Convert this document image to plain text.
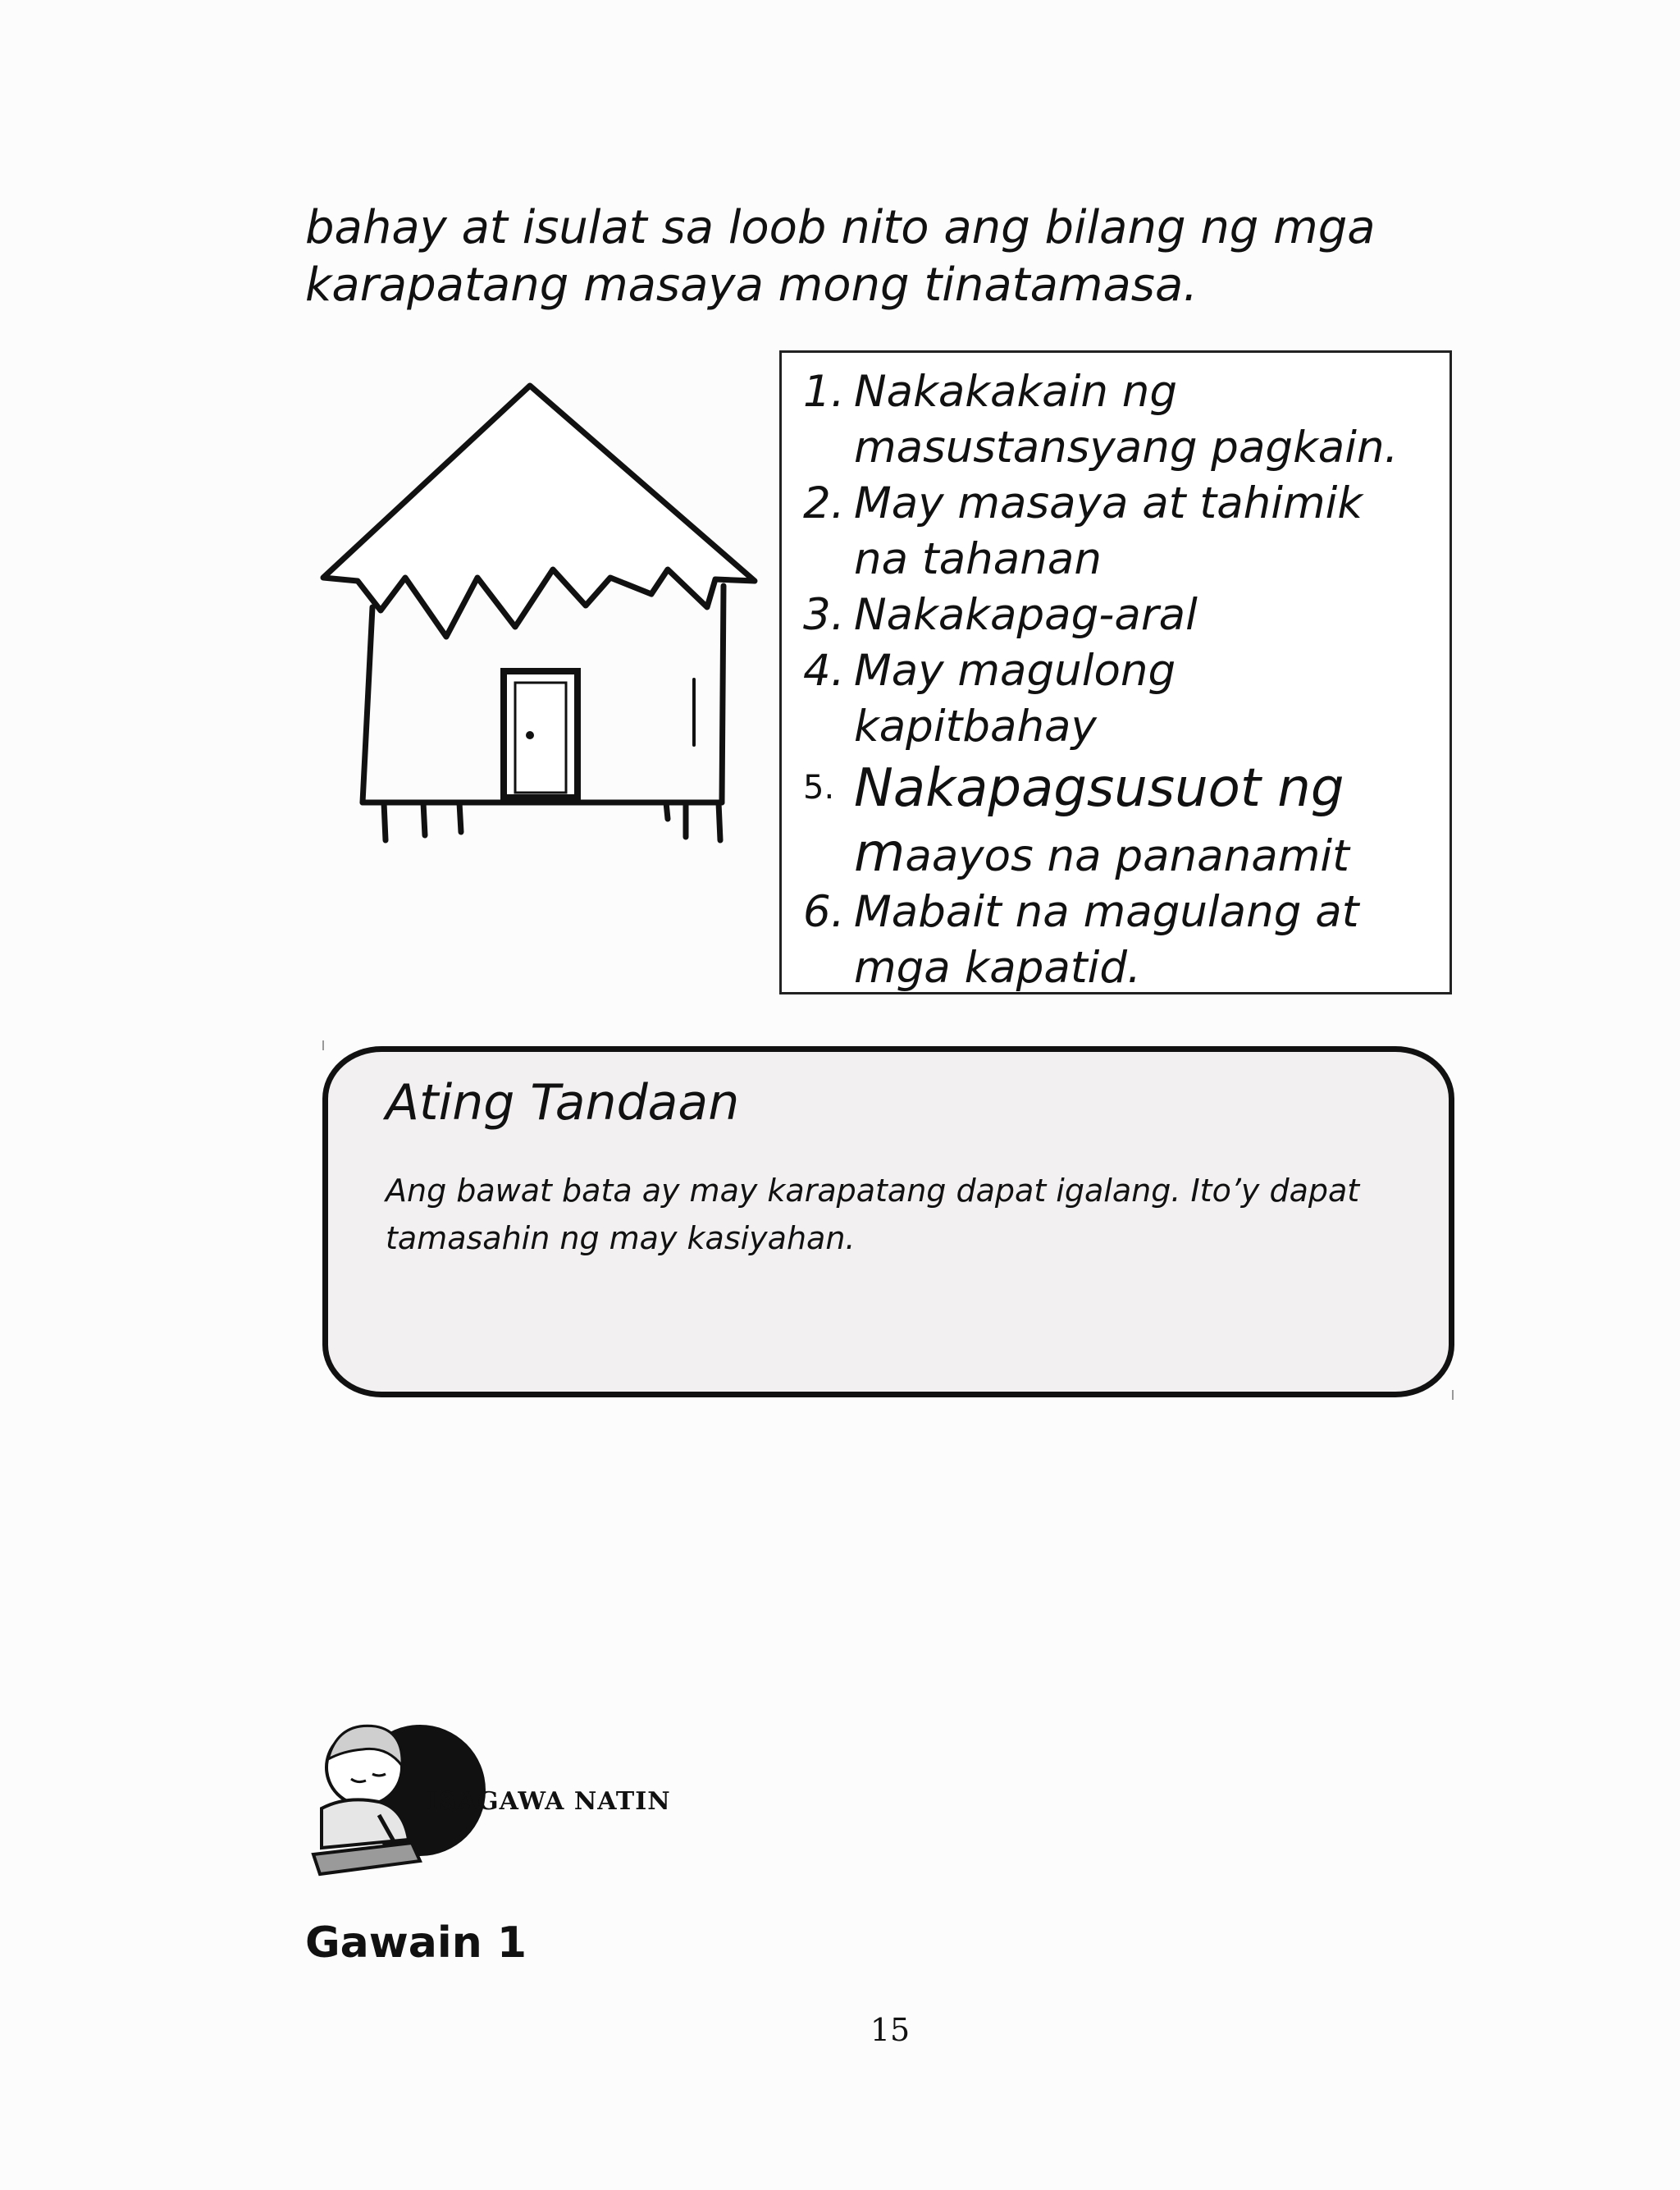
bahay at isulat sa loob nito ang bilang ng mga
karapatang masaya mong tinatamasa.

1. Nakakakain ng
masustansyang pagkain.
2. May masaya at tahimik
na tahanan
3. Nakakapag-aral
4. May magulong
kapitbahay
5. Nakapagsusuot ng
maayos na pananamit
6. Mabait na magulang at
mga kapatid.

Ating Tandaan

Ang bawat bata ay may karapatang dapat igalang. Ito’y dapat
tamasahin ng may kasiyahan.

ISAGAWA NATIN

Gawain 1

15
